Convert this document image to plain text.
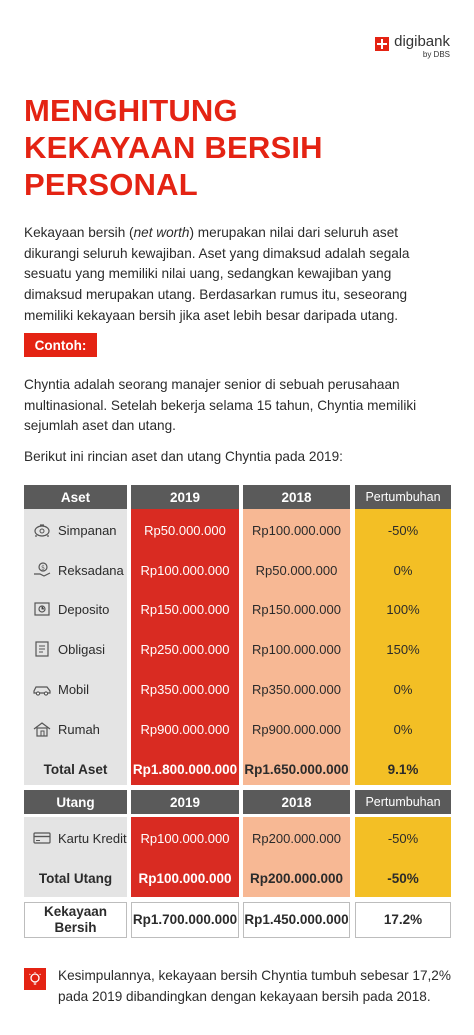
digibank
by DBS
MENGHITUNG
KEKAYAAN BERSIH
PERSONAL
Kekayaan bersih (net worth) merupakan nilai dari seluruh aset
dikurangi seluruh kewajiban. Aset yang dimaksud adalah segala
sesuatu yang memiliki nilai uang, sedangkan kewajiban yang
dimaksud merupakan utang. Berdasarkan rumus itu, seseorang
memiliki kekayaan bersih jika aset lebih besar daripada utang.
Contoh:
Chyntia adalah seorang manajer senior di sebuah perusahaan
multinasional. Setelah bekerja selama 15 tahun, Chyntia memiliki
sejumlah aset dan utang.
Berikut ini rincian aset dan utang Chyntia pada 2019:
Aset	2019	2018	Pertumbuhan
Simpanan	Rp50.000.000	Rp100.000.000	-50%
$ Reksadana	Rp100.000.000	Rp50.000.000	0%
Deposito	Rp150.000.000	Rp150.000.000	100%
Obligasi	Rp250.000.000	Rp100.000.000	150%
Mobil	Rp350.000.000	Rp350.000.000	0%
Rumah	Rp900.000.000	Rp900.000.000	0%
Total Aset	Rp1.800.000.000 Rp1.650.000.000	9.1%
Utang	2019	2018	Pertumbuhan
Kartu Kredit	Rp100.000.000	Rp200.000.000	-50%
Total Utang	Rp100.000.000	Rp200.000.000	-50%
Kekayaan
Bersih
Rp1.700.000.000 Rp1.450.000.000	17.2%
Kesimpulannya, kekayaan bersih Chyntia tumbuh sebesar 17,2%
pada 2019 dibandingkan dengan kekayaan bersih pada 2018.
